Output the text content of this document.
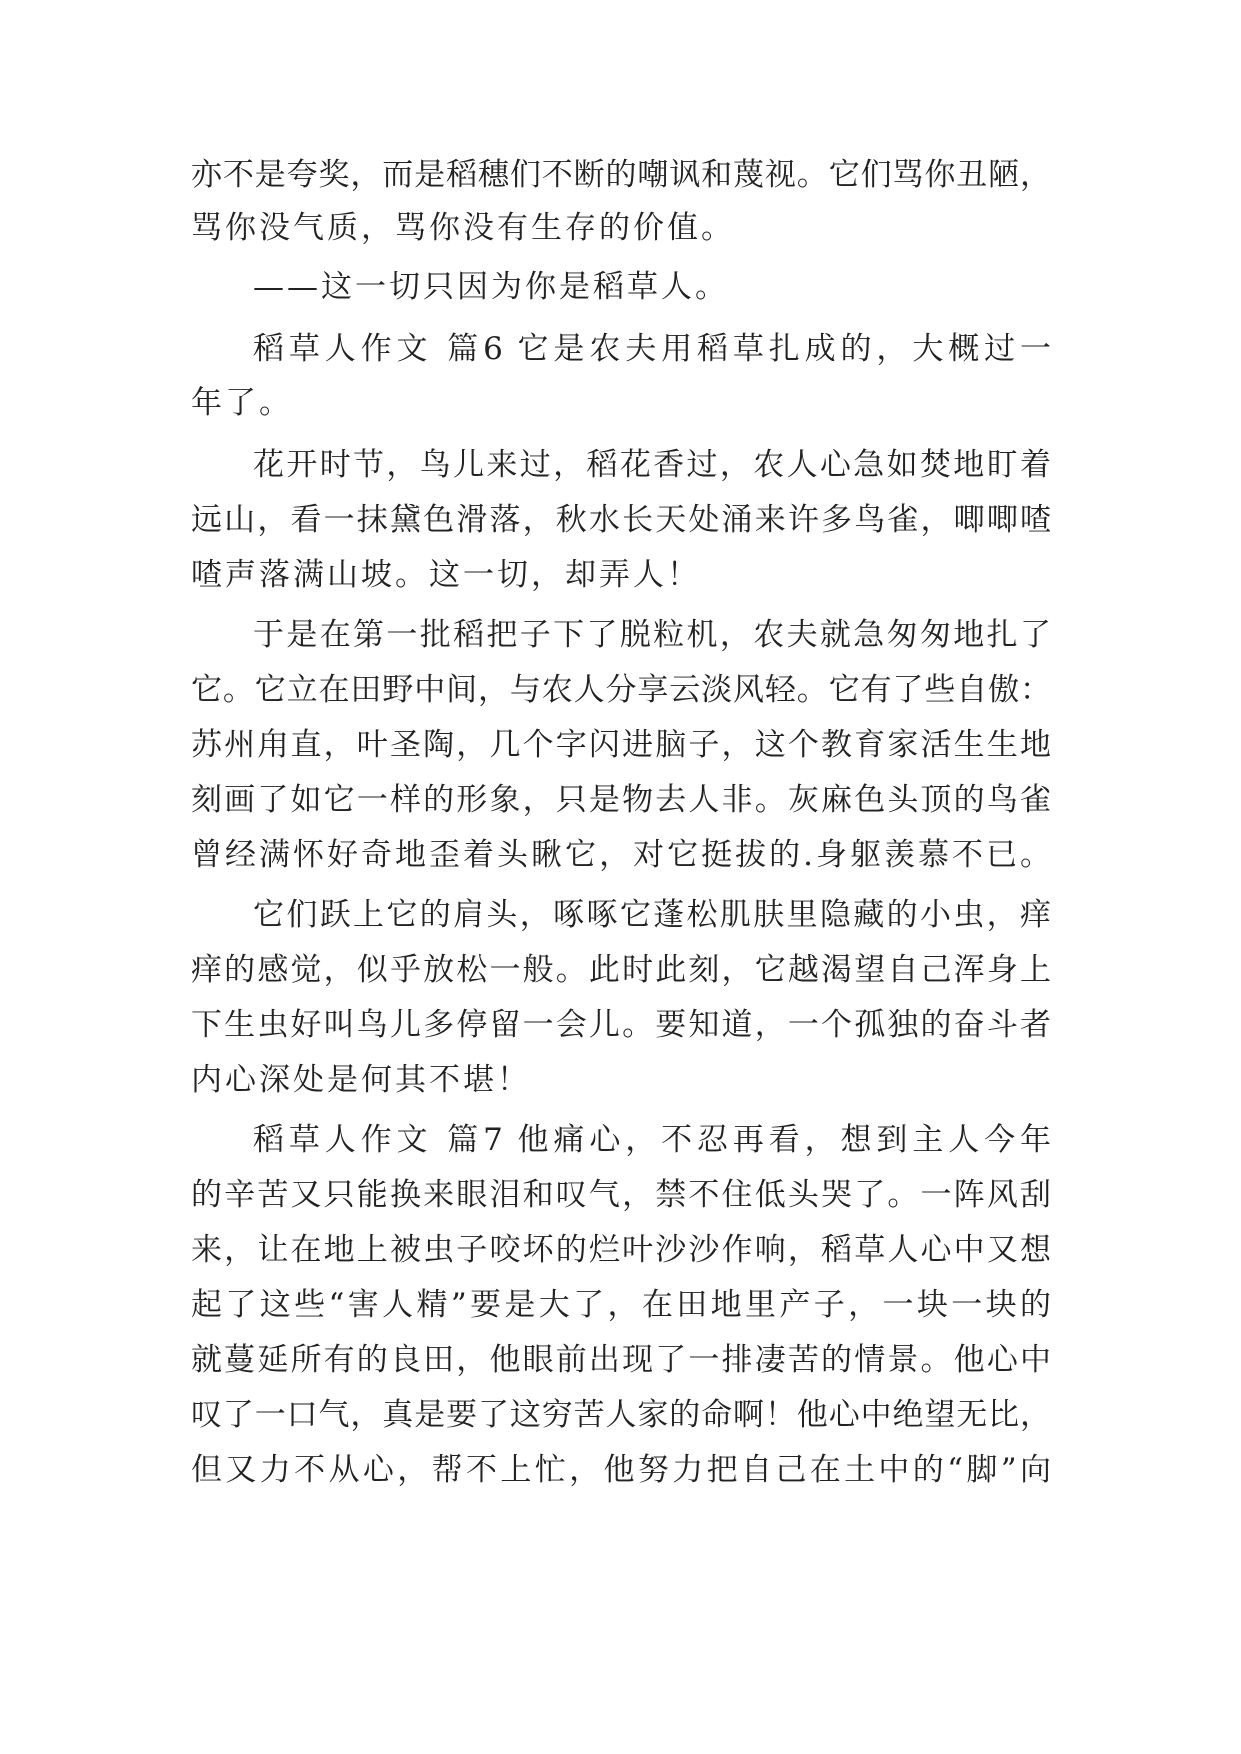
亦不是夸奖，而是稻穗们不断的嘲讽和蔑视。它们骂你丑陋，
骂你没气质，骂你没有生存的价值。
——这一切只因为你是稻草人。
稻草人作文 篇6 它是农夫用稻草扎成的，大概过一
年了。
花开时节，鸟儿来过，稻花香过，农人心急如焚地盯着
远山，看一抹黛色滑落，秋水长天处涌来许多鸟雀，唧唧喳
喳声落满山坡。这一切，却弄人！
于是在第一批稻把子下了脱粒机，农夫就急匆匆地扎了
它。它立在田野中间，与农人分享云淡风轻。它有了些自傲：
苏州甪直，叶圣陶，几个字闪进脑子，这个教育家活生生地
刻画了如它一样的形象，只是物去人非。灰麻色头顶的鸟雀
曾经满怀好奇地歪着头瞅它，对它挺拔的.身躯羡慕不已。
它们跃上它的肩头，啄啄它蓬松肌肤里隐藏的小虫，痒
痒的感觉，似乎放松一般。此时此刻，它越渴望自己浑身上
下生虫好叫鸟儿多停留一会儿。要知道，一个孤独的奋斗者
内心深处是何其不堪！
稻草人作文 篇7 他痛心，不忍再看，想到主人今年
的辛苦又只能换来眼泪和叹气，禁不住低头哭了。一阵风刮
来，让在地上被虫子咬坏的烂叶沙沙作响，稻草人心中又想
起了这些“害人精”要是大了，在田地里产子，一块一块的
就蔓延所有的良田，他眼前出现了一排凄苦的情景。他心中
叹了一口气，真是要了这穷苦人家的命啊！他心中绝望无比，
但又力不从心，帮不上忙，他努力把自己在土中的“脚”向
